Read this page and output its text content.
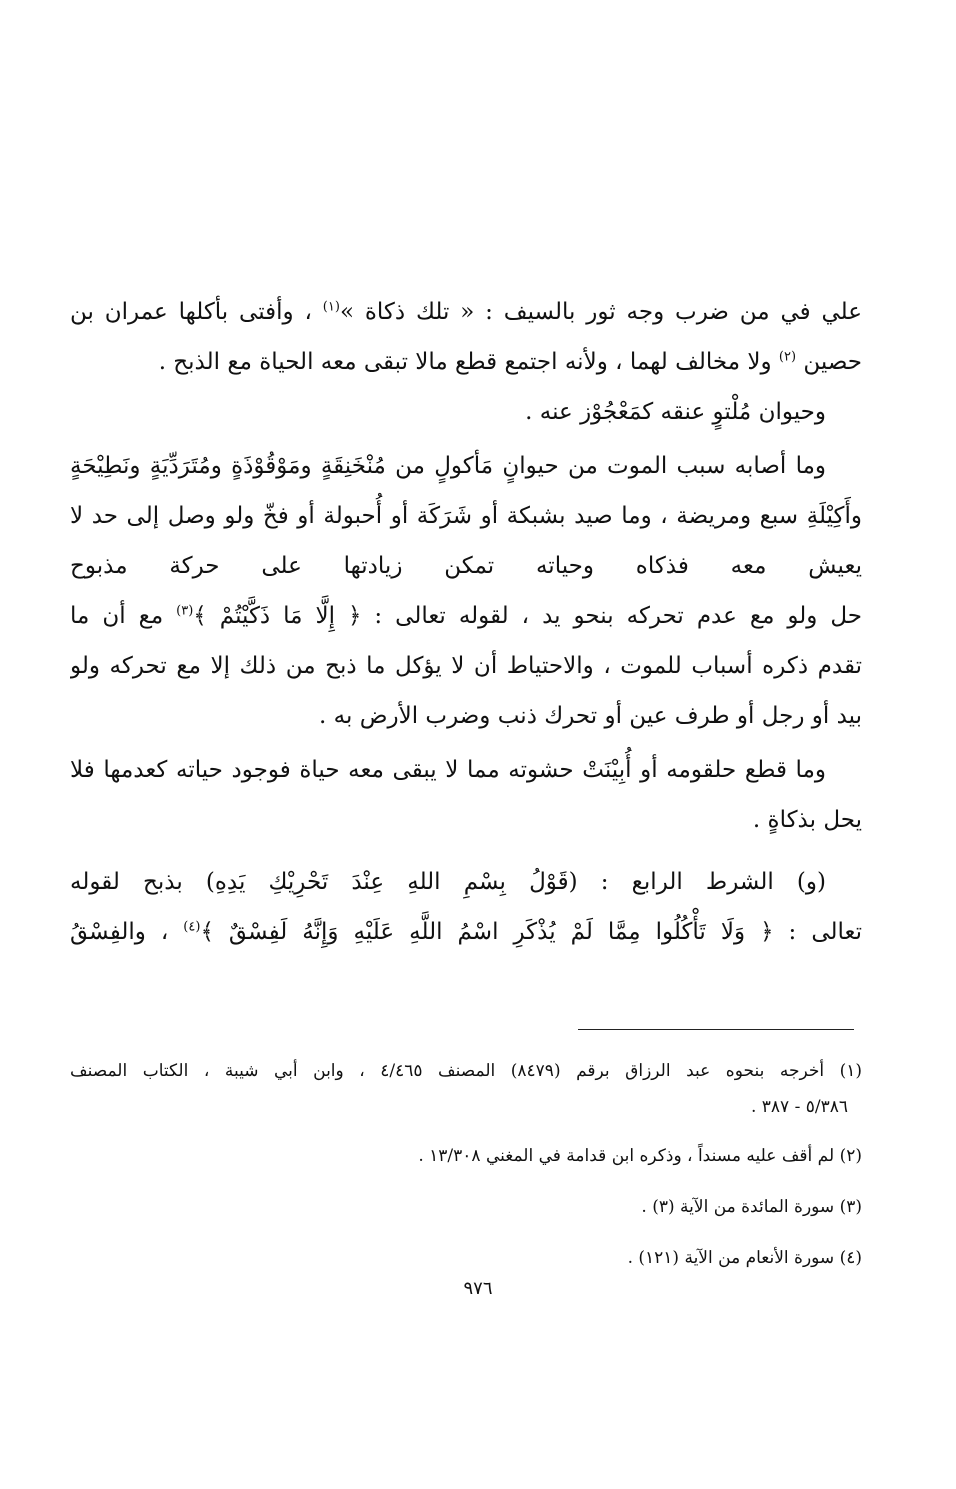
علي في من ضرب وجه ثور بالسيف : « تلك ذكاة »$^{(١)}$ ، وأفتى بأكلها عمران بن
حصين $^{(٢)}$ ولا مخالف لهما ، ولأنه اجتمع قطع مالا تبقى معه الحياة مع الذبح .
وحيوان مُلْتوٍ عنقه كمَعْجُوْز عنه .
وما أصابه سبب الموت من حيوانٍ مَأكولٍ من مُنْخَنِقَةٍ ومَوْقُوْذَةٍ ومُتَرَدِّيَةٍ ونَطِيْحَةٍ
وأَكِيْلَةِ سبع ومريضة ، وما صيد بشبكة أو شَرَكَة أو أُحبولة أو فخّ ولو وصل إلى حد لا
يعيش معه فذكاه وحياته تمكن زيادتها على حركة مذبوح
حل ولو مع عدم تحركه بنحو يد ، لقوله تعالى : ﴿ إِلَّا مَا ذَكَّيْتُمْ ﴾$^{(٣)}$ مع أن ما
تقدم ذكره أسباب للموت ، والاحتياط أن لا يؤكل ما ذبح من ذلك إلا مع تحركه ولو
بيد أو رجل أو طرف عين أو تحرك ذنب وضرب الأرض به .
وما قطع حلقومه أو أُبِيْنَتْ حشوته مما لا يبقى معه حياة فوجود حياته كعدمها فلا
يحل بذكاةٍ .
(و) الشرط الرابع : (قَوْلُ بِسْمِ اللهِ عِنْدَ تَحْرِيْكِ يَدِهِ) بذبح لقوله
تعالى : ﴿ وَلَا تَأْكُلُوا مِمَّا لَمْ يُذْكَرِ اسْمُ اللَّهِ عَلَيْهِ وَإِنَّهُ لَفِسْقٌ ﴾$^{(٤)}$ ، والفِسْقُ
(١) أخرجه بنحوه عبد الرزاق برقم (٨٤٧٩) المصنف ٤/٤٦٥ ، وابن أبي شيبة ، الكتاب المصنف
٥/٣٨٦ - ٣٨٧ .
(٢) لم أقف عليه مسنداً ، وذكره ابن قدامة في المغني ١٣/٣٠٨ .
(٣) سورة المائدة من الآية (٣) .
(٤) سورة الأنعام من الآية (١٢١) .
٩٧٦
